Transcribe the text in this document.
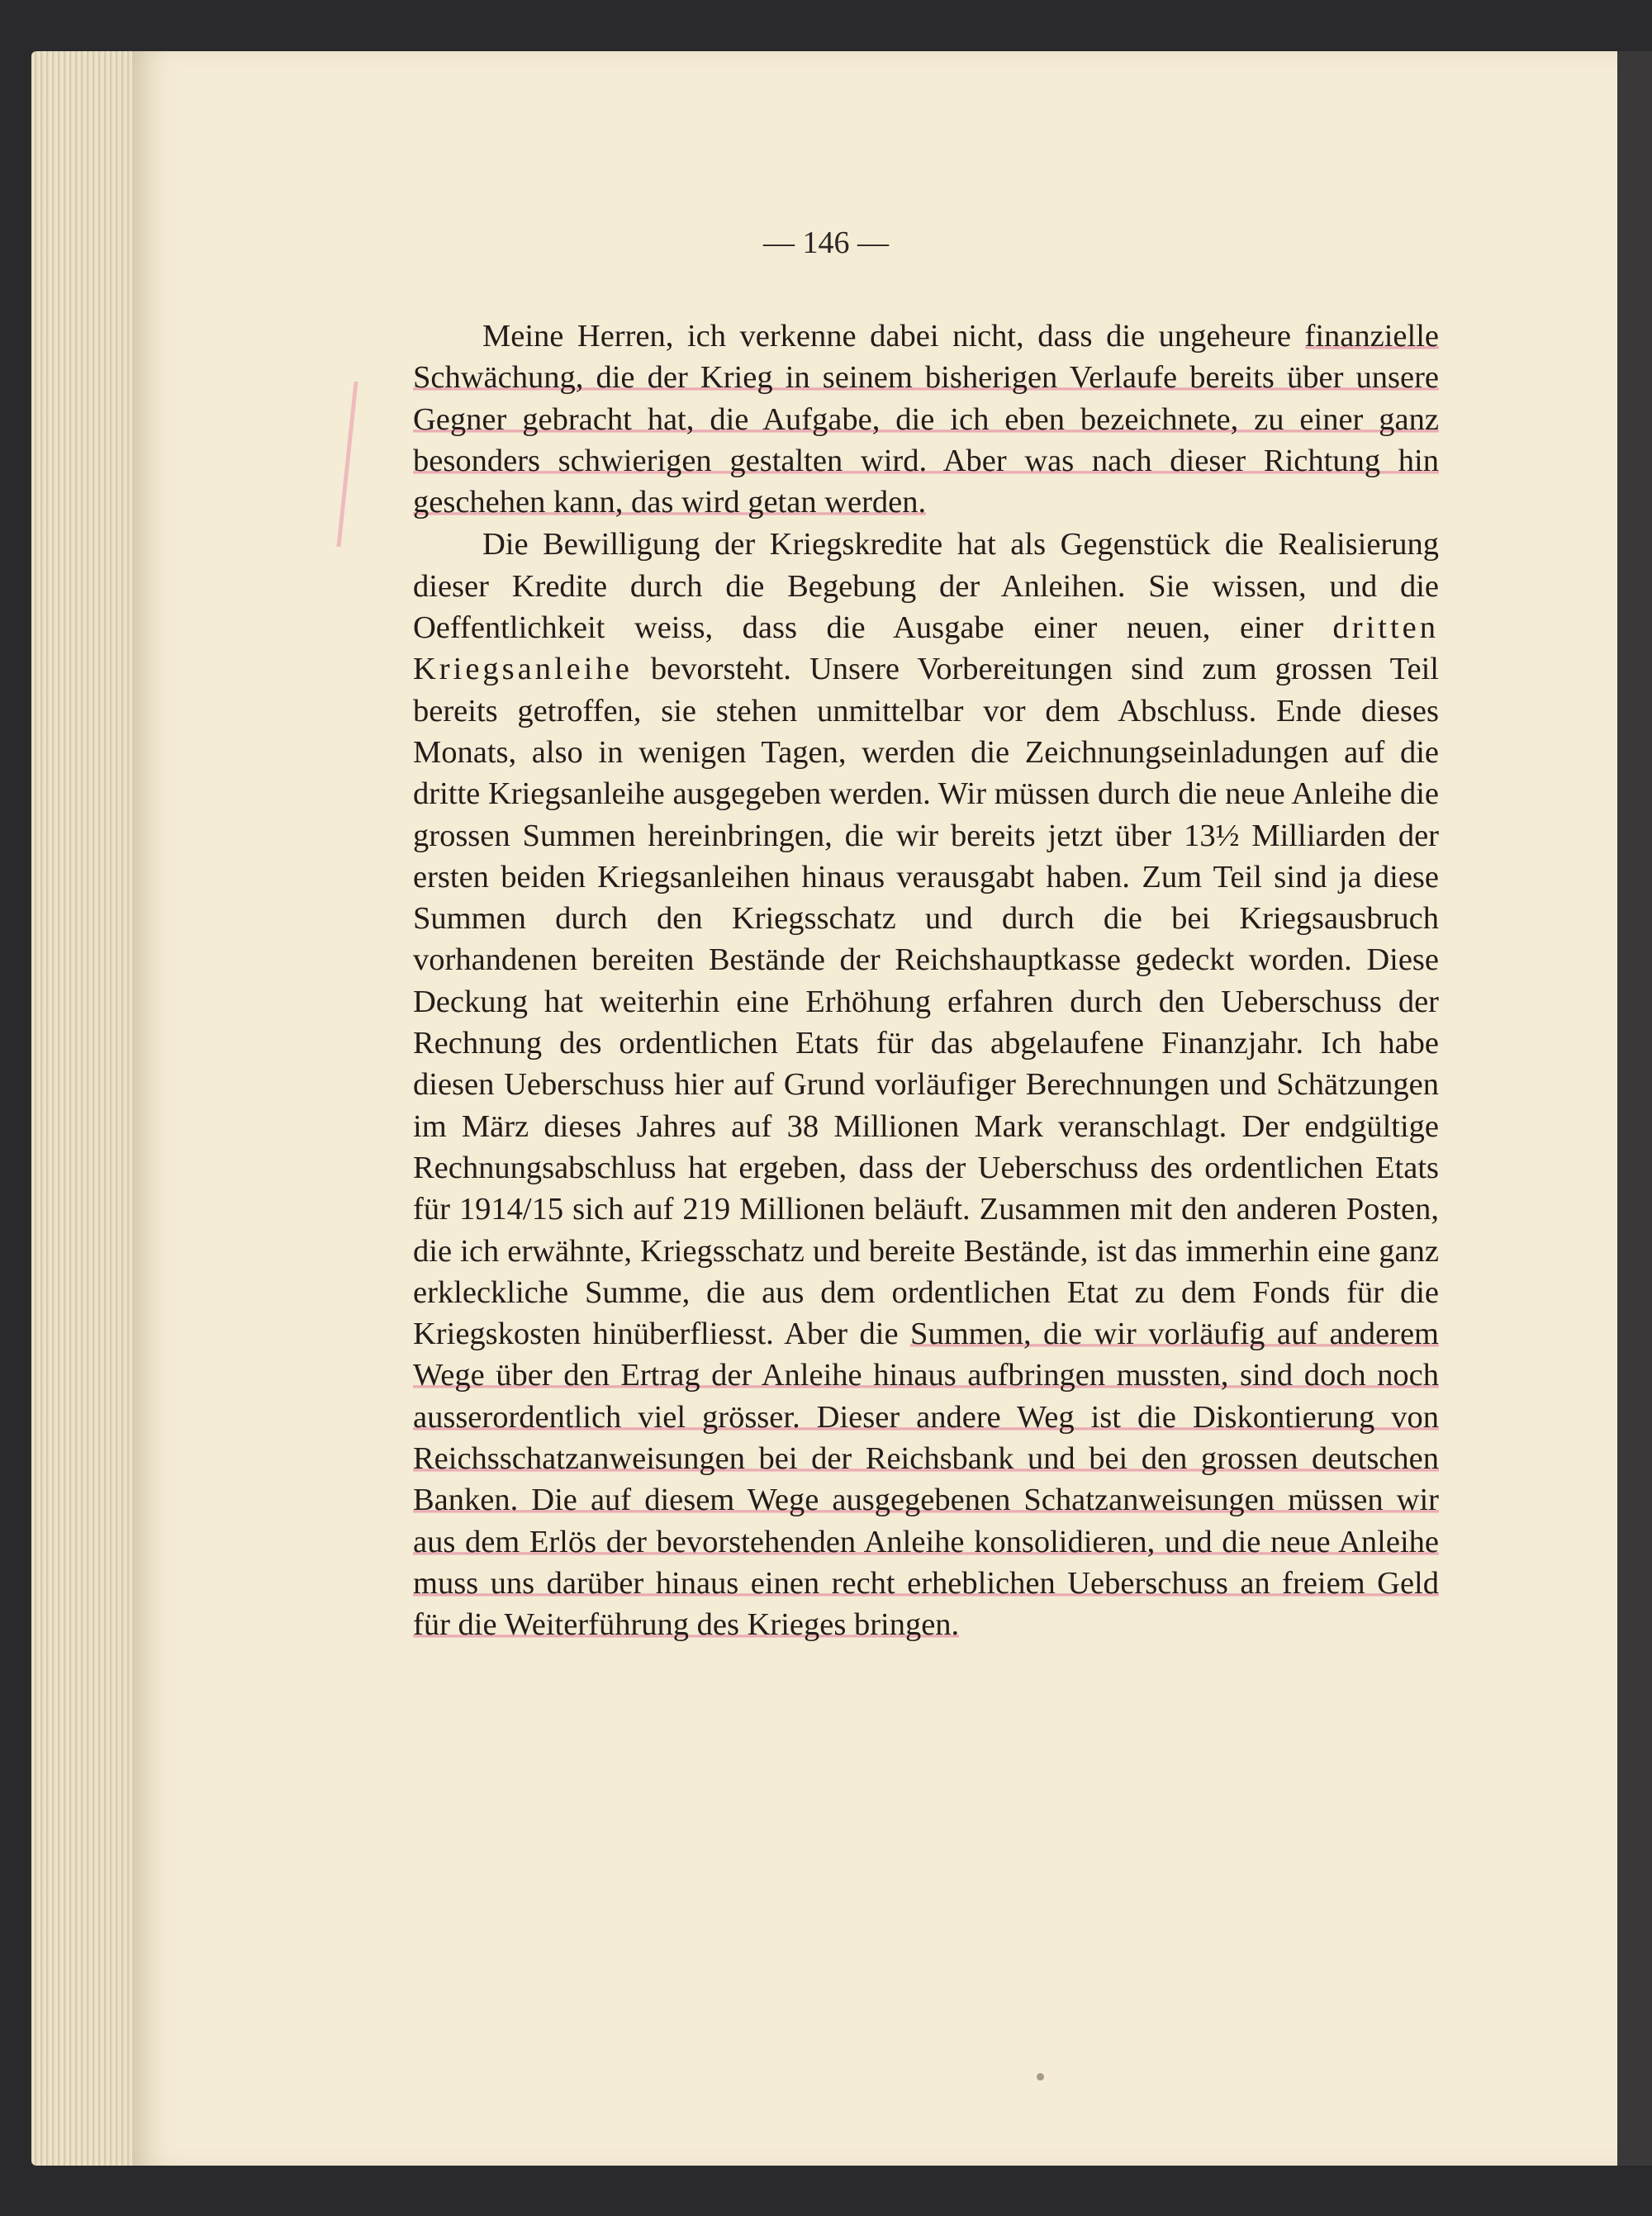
— 146 —

Meine Herren, ich verkenne dabei nicht, dass die ungeheure finanzielle Schwächung, die der Krieg in seinem bisherigen Verlaufe bereits über unsere Gegner gebracht hat, die Aufgabe, die ich eben bezeichnete, zu einer ganz besonders schwierigen gestalten wird. Aber was nach dieser Richtung hin geschehen kann, das wird getan werden.

Die Bewilligung der Kriegskredite hat als Gegenstück die Realisierung dieser Kredite durch die Begebung der Anleihen. Sie wissen, und die Oeffentlichkeit weiss, dass die Ausgabe einer neuen, einer dritten Kriegsanleihe bevorsteht. Unsere Vorbereitungen sind zum grossen Teil bereits getroffen, sie stehen unmittelbar vor dem Abschluss. Ende dieses Monats, also in wenigen Tagen, werden die Zeichnungseinladungen auf die dritte Kriegsanleihe ausgegeben werden. Wir müssen durch die neue Anleihe die grossen Summen hereinbringen, die wir bereits jetzt über 13½ Milliarden der ersten beiden Kriegsanleihen hinaus verausgabt haben. Zum Teil sind ja diese Summen durch den Kriegsschatz und durch die bei Kriegsausbruch vorhandenen bereiten Bestände der Reichshauptkasse gedeckt worden. Diese Deckung hat weiterhin eine Erhöhung erfahren durch den Ueberschuss der Rechnung des ordentlichen Etats für das abgelaufene Finanzjahr. Ich habe diesen Ueberschuss hier auf Grund vorläufiger Berechnungen und Schätzungen im März dieses Jahres auf 38 Millionen Mark veranschlagt. Der endgültige Rechnungsabschluss hat ergeben, dass der Ueberschuss des ordentlichen Etats für 1914/15 sich auf 219 Millionen beläuft. Zusammen mit den anderen Posten, die ich erwähnte, Kriegsschatz und bereite Bestände, ist das immerhin eine ganz erkleckliche Summe, die aus dem ordentlichen Etat zu dem Fonds für die Kriegskosten hinüberfliesst. Aber die Summen, die wir vorläufig auf anderem Wege über den Ertrag der Anleihe hinaus aufbringen mussten, sind doch noch ausserordentlich viel grösser. Dieser andere Weg ist die Diskontierung von Reichsschatzanweisungen bei der Reichsbank und bei den grossen deutschen Banken. Die auf diesem Wege ausgegebenen Schatzanweisungen müssen wir aus dem Erlös der bevorstehenden Anleihe konsolidieren, und die neue Anleihe muss uns darüber hinaus einen recht erheblichen Ueberschuss an freiem Geld für die Weiterführung des Krieges bringen.
